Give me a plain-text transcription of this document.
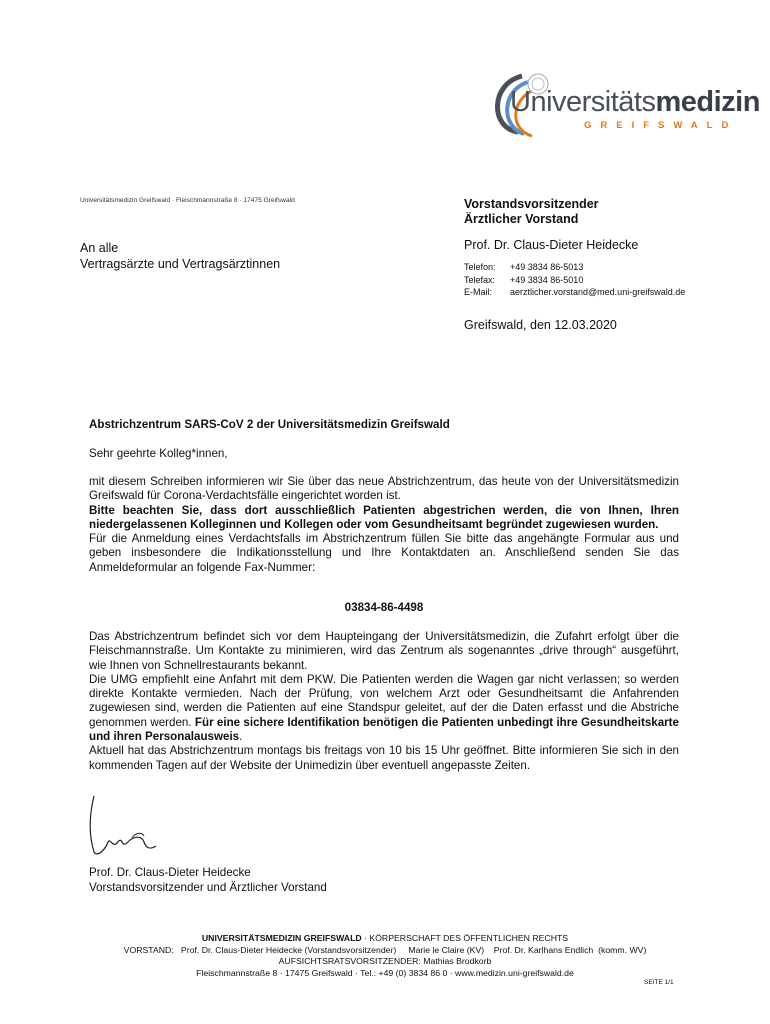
Universitätsmedizin
GREIFSWALD
Universitätsmedizin Greifswald · Fleischmannstraße 8 · 17475 Greifswald
An alle
Vertragsärzte und Vertragsärztinnen
Vorstandsvorsitzender
Ärztlicher Vorstand
Prof. Dr. Claus-Dieter Heidecke
Telefon:	+49 3834 86-5013
Telefax:	+49 3834 86-5010
E-Mail:	aerztlicher.vorstand@med.uni-greifswald.de
Greifswald, den 12.03.2020
Abstrichzentrum SARS-CoV 2 der Universitätsmedizin Greifswald
Sehr geehrte Kolleg*innen,
mit diesem Schreiben informieren wir Sie über das neue Abstrichzentrum, das heute von der Universitätsmedizin Greifswald für Corona-Verdachtsfälle eingerichtet worden ist.
Bitte beachten Sie, dass dort ausschließlich Patienten abgestrichen werden, die von Ihnen, Ihren niedergelassenen Kolleginnen und Kollegen oder vom Gesundheitsamt begründet zugewiesen wurden.
Für die Anmeldung eines Verdachtsfalls im Abstrichzentrum füllen Sie bitte das angehängte Formular aus und geben insbesondere die Indikationsstellung und Ihre Kontaktdaten an. Anschließend senden Sie das Anmeldeformular an folgende Fax-Nummer:
03834-86-4498
Das Abstrichzentrum befindet sich vor dem Haupteingang der Universitätsmedizin, die Zufahrt erfolgt über die Fleischmannstraße. Um Kontakte zu minimieren, wird das Zentrum als sogenanntes „drive through“ ausgeführt, wie Ihnen von Schnellrestaurants bekannt.
Die UMG empfiehlt eine Anfahrt mit dem PKW. Die Patienten werden die Wagen gar nicht verlassen; so werden direkte Kontakte vermieden. Nach der Prüfung, von welchem Arzt oder Gesundheitsamt die Anfahrenden zugewiesen sind, werden die Patienten auf eine Standspur geleitet, auf der die Daten erfasst und die Abstriche genommen werden. Für eine sichere Identifikation benötigen die Patienten unbedingt ihre Gesundheitskarte und ihren Personalausweis.
Aktuell hat das Abstrichzentrum montags bis freitags von 10 bis 15 Uhr geöffnet. Bitte informieren Sie sich in den kommenden Tagen auf der Website der Unimedizin über eventuell angepasste Zeiten.
Prof. Dr. Claus-Dieter Heidecke
Vorstandsvorsitzender und Ärztlicher Vorstand
UNIVERSITÄTSMEDIZIN GREIFSWALD · KÖRPERSCHAFT DES ÖFFENTLICHEN RECHTS
VORSTAND:   Prof. Dr. Claus-Dieter Heidecke (Vorstandsvorsitzender)     Marie le Claire (KV)    Prof. Dr. Karlhans Endlich  (komm. WV)
AUFSICHTSRATSVORSITZENDER: Mathias Brodkorb
Fleischmannstraße 8 · 17475 Greifswald · Tel.: +49 (0) 3834 86 0 · www.medizin.uni-greifswald.de
SEITE 1/1
